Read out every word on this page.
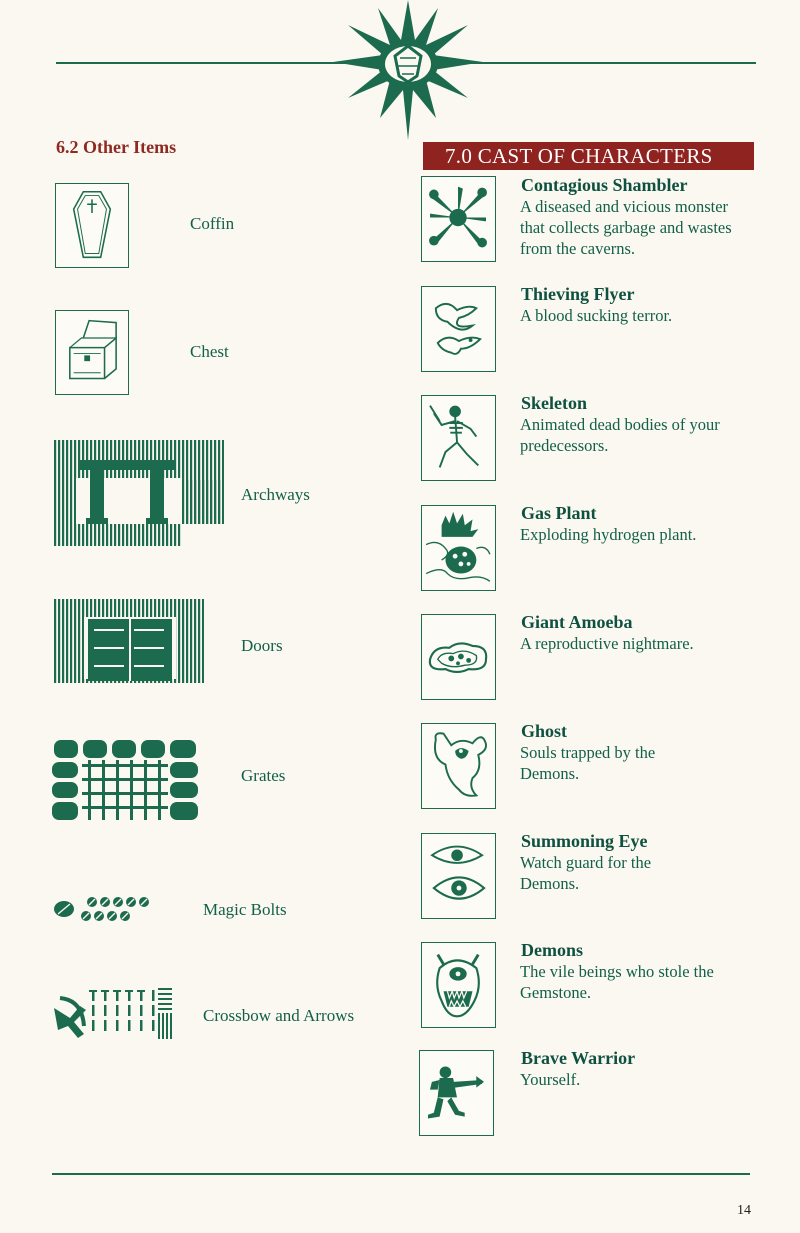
6.2 Other Items
Coffin
Chest
Archways
Doors
Grates
Magic Bolts
Crossbow and Arrows
7.0 CAST OF CHARACTERS
Contagious Shambler
A diseased and vicious monster that collects garbage and wastes from the caverns.
Thieving Flyer
A blood sucking terror.
Skeleton
Animated dead bodies of your predecessors.
Gas Plant
Exploding hydrogen plant.
Giant Amoeba
A reproductive nightmare.
Ghost
Souls trapped by the Demons.
Summoning Eye
Watch guard for the Demons.
Demons
The vile beings who stole the Gemstone.
Brave Warrior
Yourself.
14
